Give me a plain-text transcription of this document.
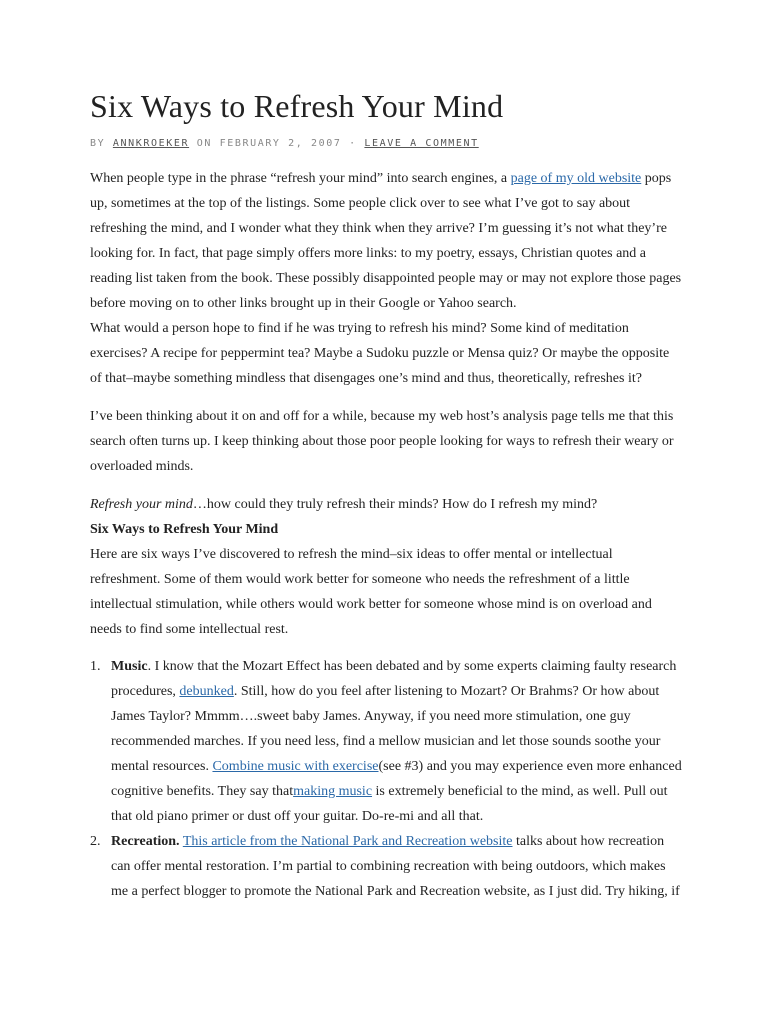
Six Ways to Refresh Your Mind
BY ANNKROEKER ON FEBRUARY 2, 2007 · LEAVE A COMMENT

When people type in the phrase “refresh your mind” into search engines, a page of my old website pops up, sometimes at the top of the listings. Some people click over to see what I’ve got to say about refreshing the mind, and I wonder what they think when they arrive? I’m guessing it’s not what they’re looking for. In fact, that page simply offers more links: to my poetry, essays, Christian quotes and a reading list taken from the book. These possibly disappointed people may or may not explore those pages before moving on to other links brought up in their Google or Yahoo search.

What would a person hope to find if he was trying to refresh his mind? Some kind of meditation exercises? A recipe for peppermint tea? Maybe a Sudoku puzzle or Mensa quiz? Or maybe the opposite of that–maybe something mindless that disengages one’s mind and thus, theoretically, refreshes it?

I’ve been thinking about it on and off for a while, because my web host’s analysis page tells me that this search often turns up. I keep thinking about those poor people looking for ways to refresh their weary or overloaded minds.

Refresh your mind…how could they truly refresh their minds? How do I refresh my mind?

Six Ways to Refresh Your Mind

Here are six ways I’ve discovered to refresh the mind–six ideas to offer mental or intellectual refreshment. Some of them would work better for someone who needs the refreshment of a little intellectual stimulation, while others would work better for someone whose mind is on overload and needs to find some intellectual rest.

1. Music. I know that the Mozart Effect has been debated and by some experts claiming faulty research procedures, debunked. Still, how do you feel after listening to Mozart? Or Brahms? Or how about James Taylor? Mmmm….sweet baby James. Anyway, if you need more stimulation, one guy recommended marches. If you need less, find a mellow musician and let those sounds soothe your mental resources. Combine music with exercise(see #3) and you may experience even more enhanced cognitive benefits. They say thatmaking music is extremely beneficial to the mind, as well. Pull out that old piano primer or dust off your guitar. Do-re-mi and all that.
2. Recreation. This article from the National Park and Recreation website talks about how recreation can offer mental restoration. I’m partial to combining recreation with being outdoors, which makes me a perfect blogger to promote the National Park and Recreation website, as I just did. Try hiking, if
